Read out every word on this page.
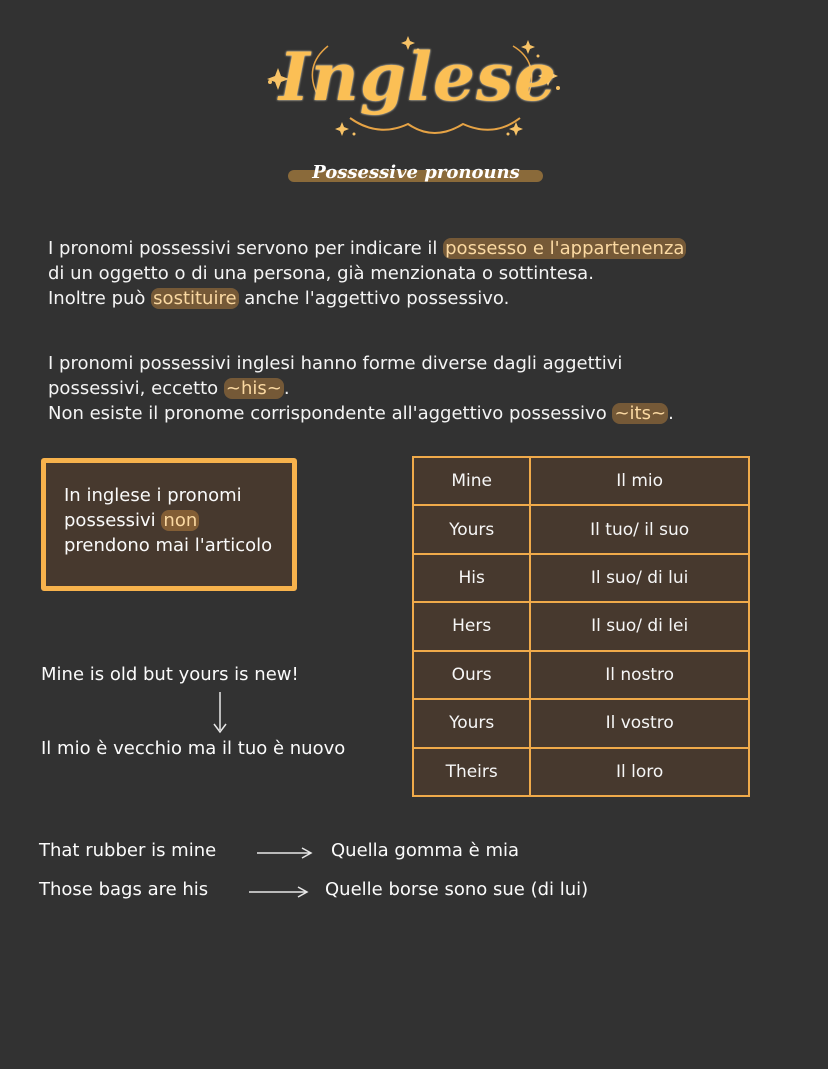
Inglese
Possessive pronouns
I pronomi possessivi servono per indicare il possesso e l'appartenenza
di un oggetto o di una persona, già menzionata o sottintesa.
Inoltre può sostituire anche l'aggettivo possessivo.
I pronomi possessivi inglesi hanno forme diverse dagli aggettivi
possessivi, eccetto ~his~ .
Non esiste il pronome corrispondente all'aggettivo possessivo ~its~ .
In inglese i pronomi possessivi non prendono mai l'articolo
Mine	Il mio
Yours	Il tuo/ il suo
His	Il suo/ di lui
Hers	Il suo/ di lei
Ours	Il nostro
Yours	Il vostro
Theirs	Il loro
Mine is old but yours is new!
Il mio è vecchio ma il tuo è nuovo
That rubber is mine	Quella gomma è mia
Those bags are his	Quelle borse sono sue (di lui)
